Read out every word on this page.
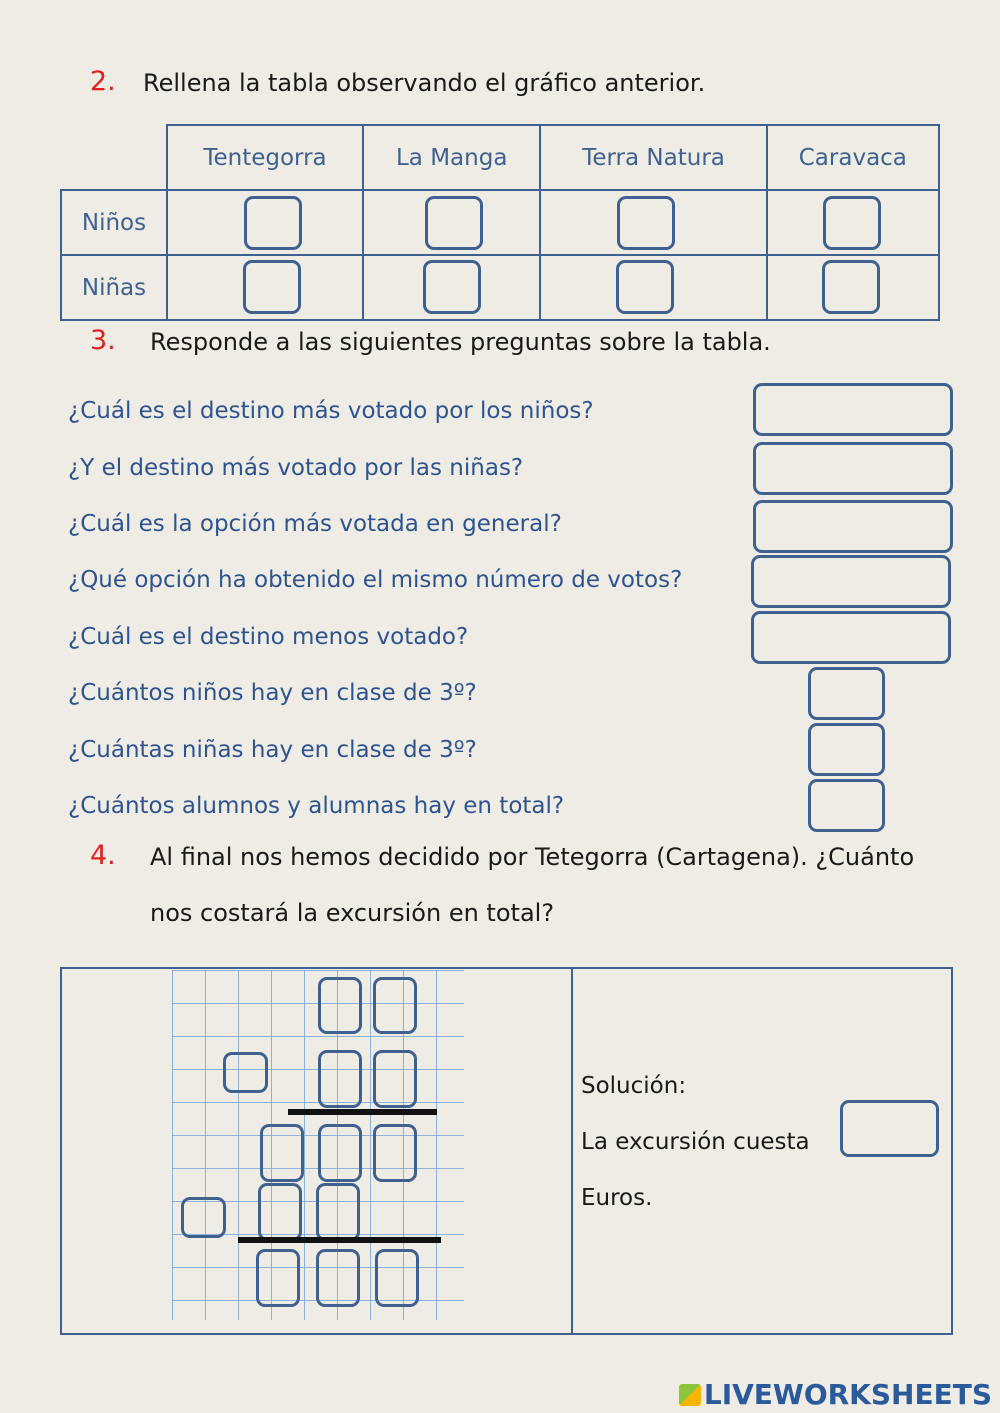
2. Rellena la tabla observando el gráfico anterior.
	Tentegorra	La Manga	Terra Natura	Caravaca
Niños				
Niñas				
3. Responde a las siguientes preguntas sobre la tabla.
¿Cuál es el destino más votado por los niños?
¿Y el destino más votado por las niñas?
¿Cuál es la opción más votada en general?
¿Qué opción ha obtenido el mismo número de votos?
¿Cuál es el destino menos votado?
¿Cuántos niños hay en clase de 3º?
¿Cuántas niñas hay en clase de 3º?
¿Cuántos alumnos y alumnas hay en total?
4. Al final nos hemos decidido por Tetegorra (Cartagena). ¿Cuánto
nos costará la excursión en total?
Solución:
La excursión cuesta
Euros.
LIVEWORKSHEETS
